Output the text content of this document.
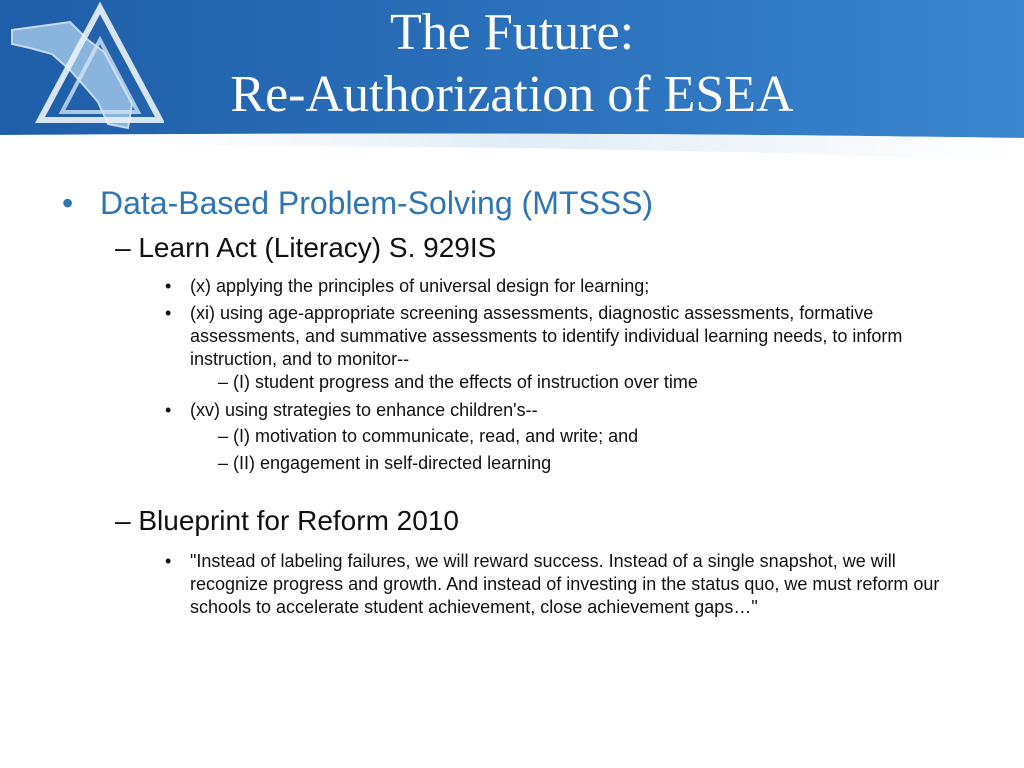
The Future:
Re-Authorization of ESEA
• Data-Based Problem-Solving (MTSSS)
– Learn Act (Literacy) S. 929IS
• (x) applying the principles of universal design for learning;
• (xi) using age-appropriate screening assessments, diagnostic assessments, formative assessments, and summative assessments to identify individual learning needs, to inform instruction, and to monitor--
– (I) student progress and the effects of instruction over time
• (xv) using strategies to enhance children's--
– (I) motivation to communicate, read, and write; and
– (II) engagement in self-directed learning
– Blueprint for Reform 2010
• "Instead of labeling failures, we will reward success. Instead of a single snapshot, we will recognize progress and growth. And instead of investing in the status quo, we must reform our schools to accelerate student achievement, close achievement gaps…"
